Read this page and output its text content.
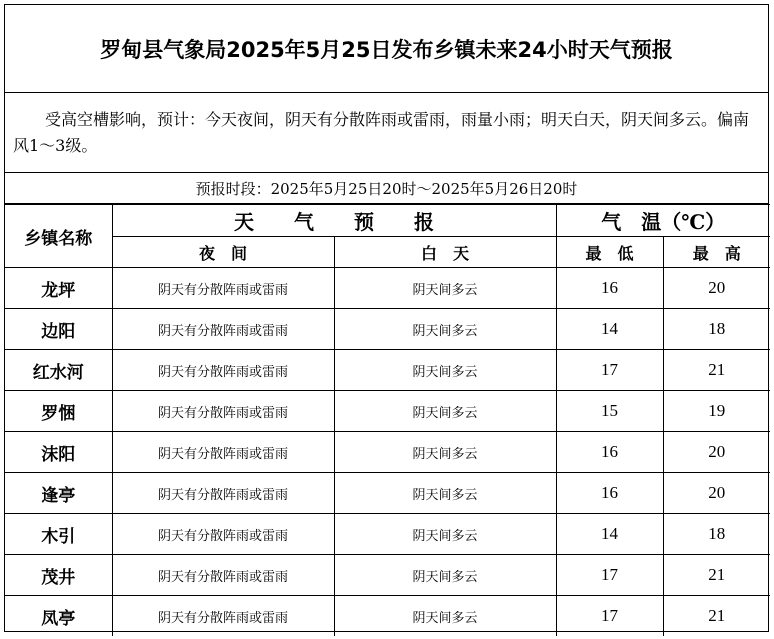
罗甸县气象局2025年5月25日发布乡镇未来24小时天气预报
受高空槽影响，预计：今天夜间，阴天有分散阵雨或雷雨，雨量小雨；明天白天，阴天间多云。偏南风1～3级。
预报时段：2025年5月25日20时～2025年5月26日20时
乡镇名称	天　　气　　预　　报		气　温（℃）	
	夜　间	白　天	最　低	最　高
龙坪	阴天有分散阵雨或雷雨	阴天间多云	16	20
边阳	阴天有分散阵雨或雷雨	阴天间多云	14	18
红水河	阴天有分散阵雨或雷雨	阴天间多云	17	21
罗悃	阴天有分散阵雨或雷雨	阴天间多云	15	19
沫阳	阴天有分散阵雨或雷雨	阴天间多云	16	20
逢亭	阴天有分散阵雨或雷雨	阴天间多云	16	20
木引	阴天有分散阵雨或雷雨	阴天间多云	14	18
茂井	阴天有分散阵雨或雷雨	阴天间多云	17	21
凤亭	阴天有分散阵雨或雷雨	阴天间多云	17	21
